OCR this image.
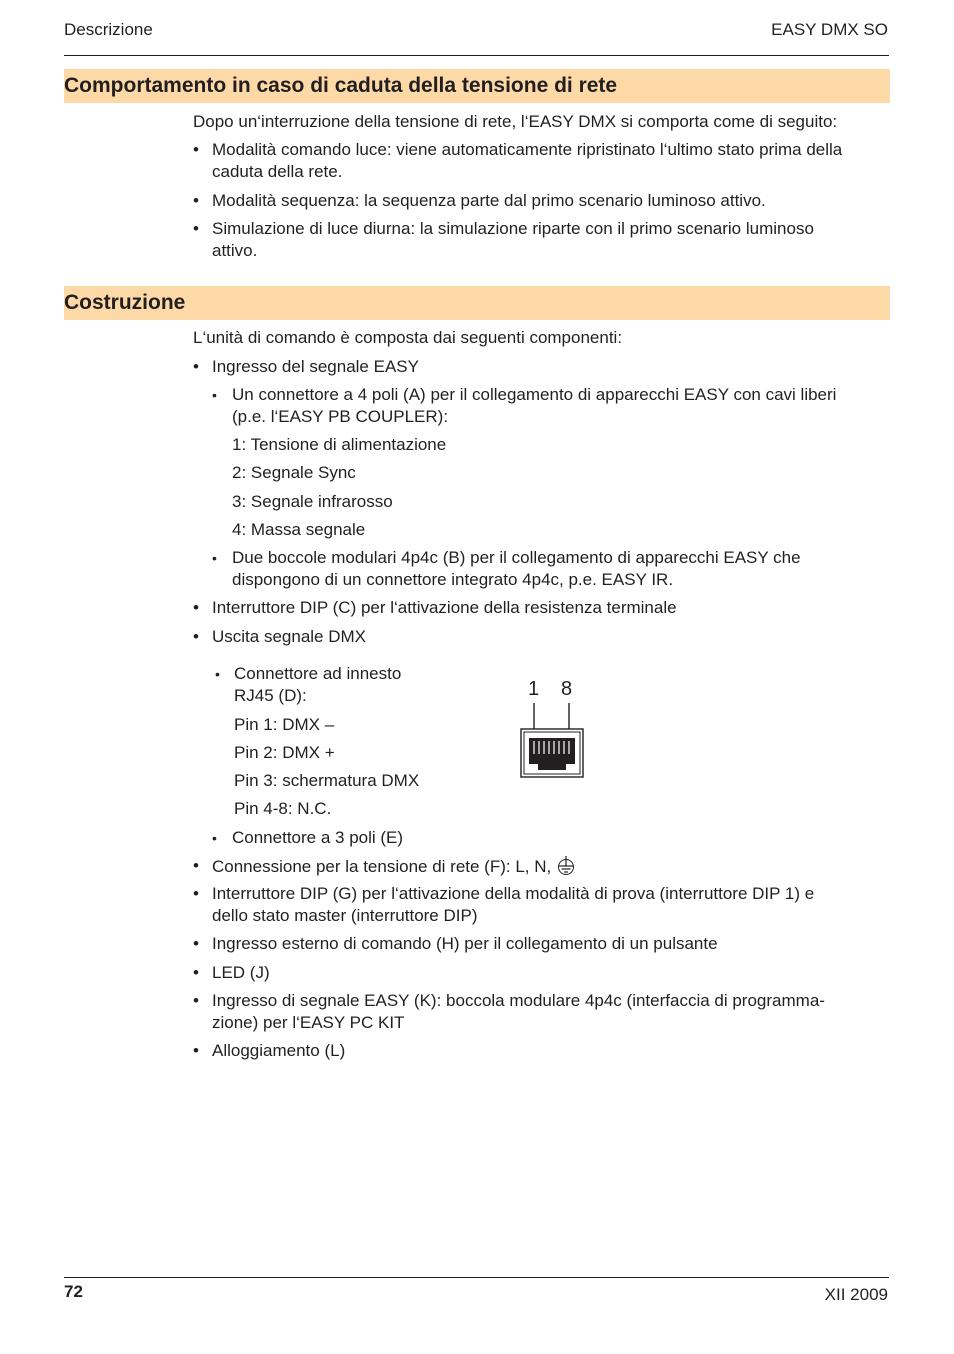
Descrizione	EASY DMX SO
Comportamento in caso di caduta della tensione di rete
Dopo un‘interruzione della tensione di rete, l‘EASY DMX si comporta come di seguito:
• Modalità comando luce: viene automaticamente ripristinato l‘ultimo stato prima della
caduta della rete.
• Modalità sequenza: la sequenza parte dal primo scenario luminoso attivo.
• Simulazione di luce diurna: la simulazione riparte con il primo scenario luminoso
attivo.
Costruzione
L‘unità di comando è composta dai seguenti componenti:
• Ingresso del segnale EASY
• Un connettore a 4 poli (A) per il collegamento di apparecchi EASY con cavi liberi
(p.e. l‘EASY PB COUPLER):
1: Tensione di alimentazione
2: Segnale Sync
3: Segnale infrarosso
4: Massa segnale
• Due boccole modulari 4p4c (B) per il collegamento di apparecchi EASY che
dispongono di un connettore integrato 4p4c, p.e. EASY IR.
• Interruttore DIP (C) per l‘attivazione della resistenza terminale
• Uscita segnale DMX
• Connettore ad innesto
RJ45 (D):
Pin 1: DMX –
Pin 2: DMX +
Pin 3: schermatura DMX
Pin 4-8: N.C.
1 8
• Connettore a 3 poli (E)
• Connessione per la tensione di rete (F): L, N,
• Interruttore DIP (G) per l‘attivazione della modalità di prova (interruttore DIP 1) e
dello stato master (interruttore DIP)
• Ingresso esterno di comando (H) per il collegamento di un pulsante
• LED (J)
• Ingresso di segnale EASY (K): boccola modulare 4p4c (interfaccia di programma-
zione) per l‘EASY PC KIT
• Alloggiamento (L)
72	XII 2009
